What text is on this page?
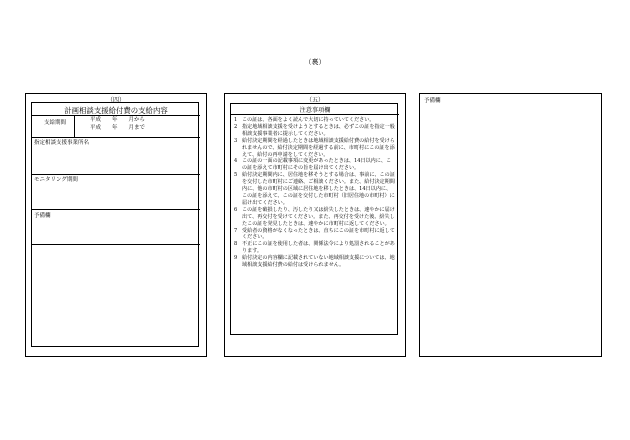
（裏）
（四）
計画相談支援給付費の支給内容
支給期間	平成　　年　　月から
平成　　年　　月まで
指定相談支援事業所名
モニタリング期間
予備欄
（五）
注意事項欄
1 この証は、各面をよく読んで大切に持っていてください。
2 指定地域相談支援を受けようとするときは、必ずこの証を指定一般相談支援事業者に提示してください。
3 給付決定期間を経過したときは地域相談支援給付費の給付を受けられませんので、給付決定期間を経過する前に、市町村にこの証を添えて、給付の再申請をしてください。
4 この証の一面の記載事項に変更があったときは、14日以内に、この証を添えて市町村にその旨を届け出てください。
5 給付決定期間内に、居住地を移そうとする場合は、事前に、この証を交付した市町村にご連絡、ご相談ください。また、給付決定期間内に、他の市町村の区域に居住地を移したときは、14日以内に、この証を添えて、この証を交付した市町村（旧居住地の市町村）に届け出てください。
6 この証を破損したり、汚したり又は紛失したときは、速やかに届け出て、再交付を受けてください。また、再交付を受けた後、紛失したこの証を発見したときは、速やかに市町村に返してください。
7 受給者の資格がなくなったときは、直ちにこの証を市町村に返してください。
8 不正にこの証を使用した者は、関係法令により処罰されることがあります。
9 給付決定の内容欄に記載されていない地域相談支援については、地域相談支援給付費の給付は受けられません。
予備欄
